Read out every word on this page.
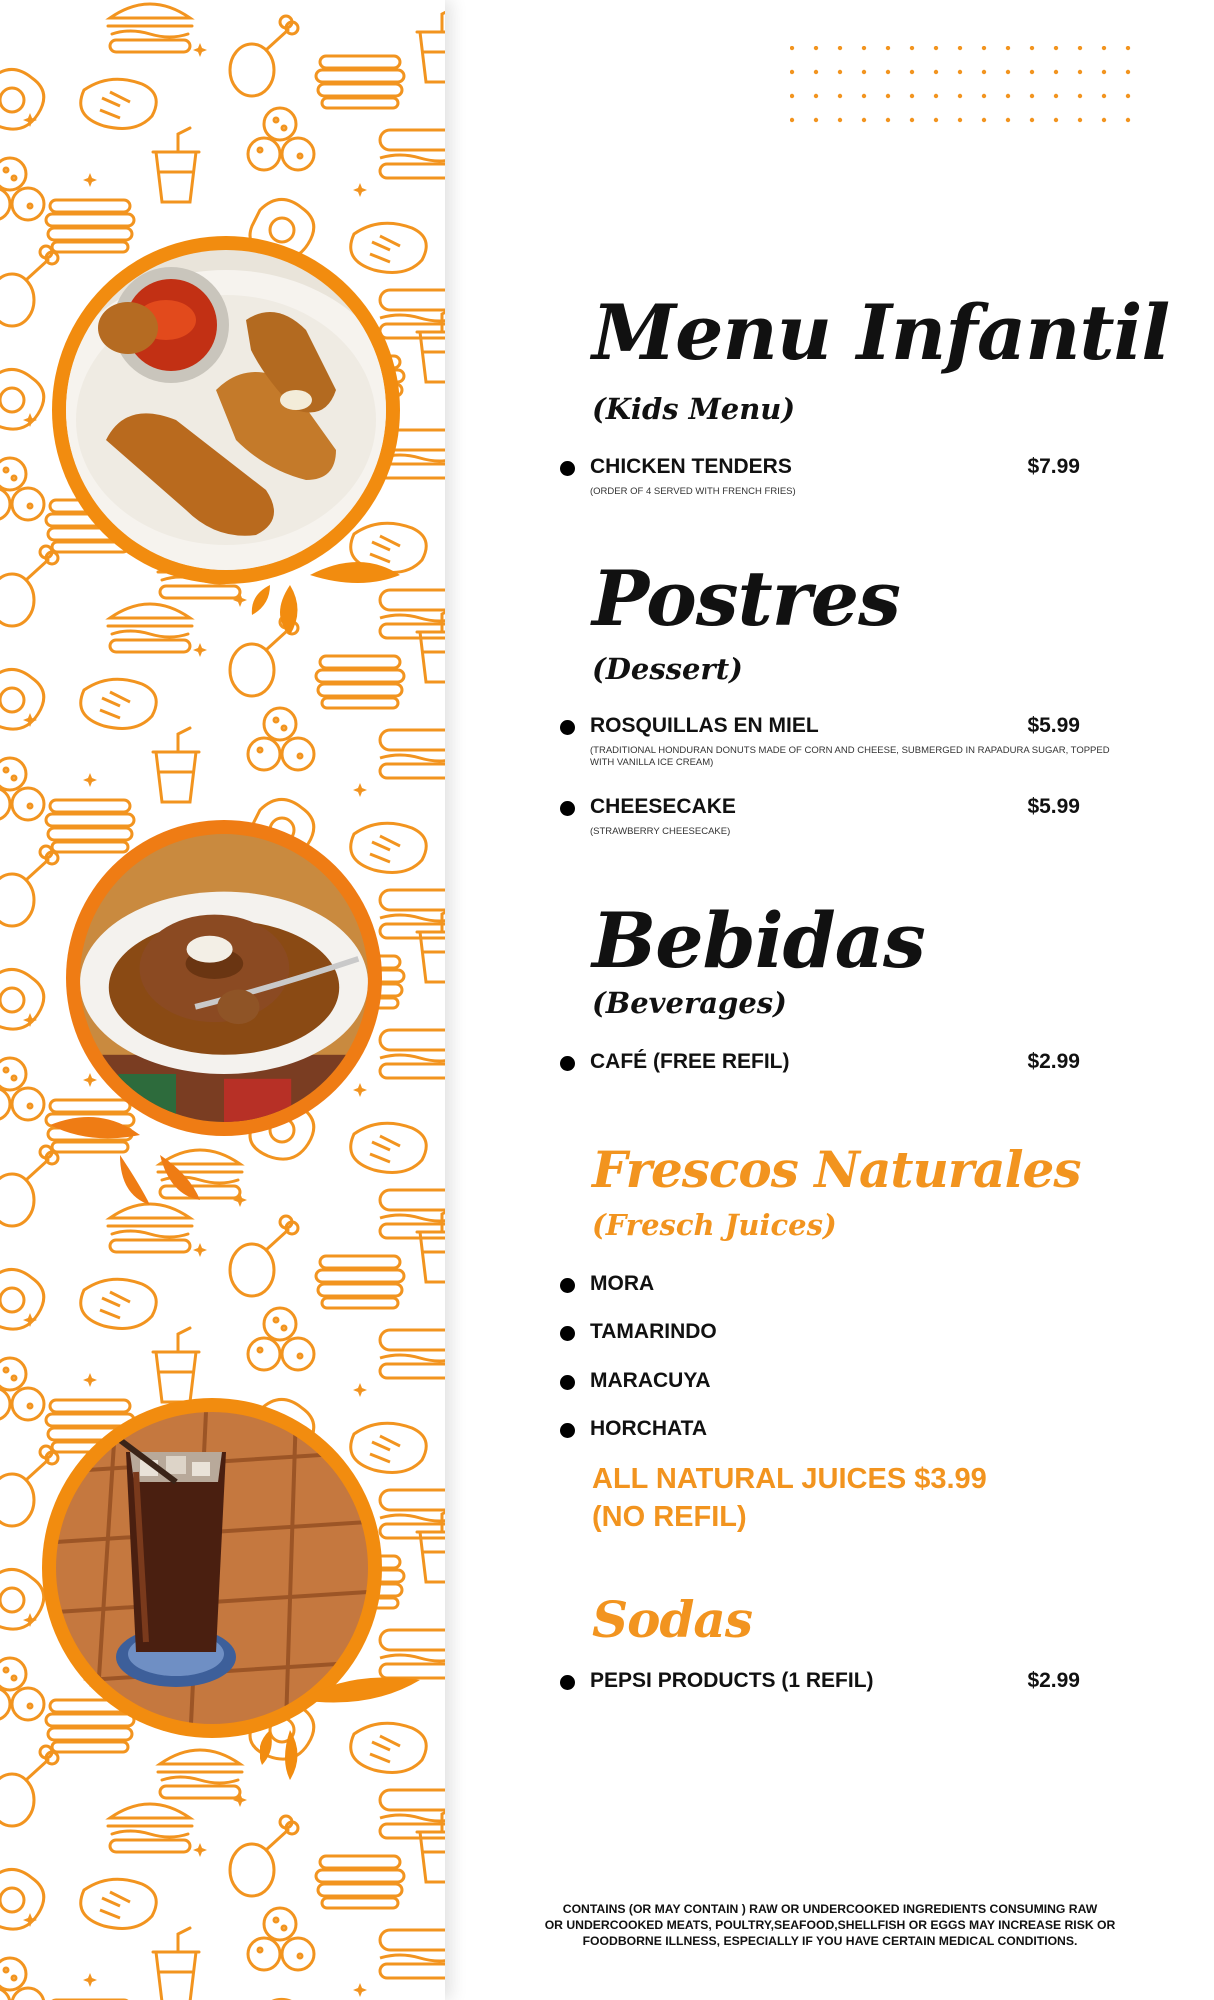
Menu Infantil
(Kids Menu)
CHICKEN TENDERS	$7.99
(ORDER OF 4 SERVED WITH FRENCH FRIES)
Postres
(Dessert)
ROSQUILLAS EN MIEL	$5.99
(TRADITIONAL HONDURAN DONUTS MADE OF CORN AND CHEESE, SUBMERGED IN RAPADURA SUGAR, TOPPED WITH VANILLA ICE CREAM)
CHEESECAKE	$5.99
(STRAWBERRY CHEESECAKE)
Bebidas
(Beverages)
CAFÉ (FREE REFIL)	$2.99
Frescos Naturales
(Fresch Juices)
MORA
TAMARINDO
MARACUYA
HORCHATA
ALL NATURAL JUICES $3.99
(NO REFIL)
Sodas
PEPSI PRODUCTS (1 REFIL)	$2.99
CONTAINS (OR MAY CONTAIN ) RAW OR UNDERCOOKED INGREDIENTS CONSUMING RAW
OR UNDERCOOKED MEATS, POULTRY,SEAFOOD,SHELLFISH OR EGGS MAY INCREASE RISK OR
FOODBORNE ILLNESS, ESPECIALLY IF YOU HAVE CERTAIN MEDICAL CONDITIONS.
